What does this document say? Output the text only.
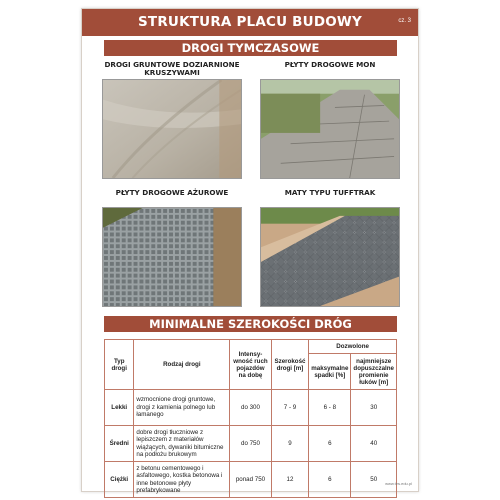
STRUKTURA PLACU BUDOWY	cz. 3
DROGI TYMCZASOWE
DROGI GRUNTOWE DOZIARNIONE KRUSZYWAMI
PŁYTY DROGOWE MON
PŁYTY DROGOWE AŻUROWE	MATY TYPU TUFFTRAK
MINIMALNE SZEROKOŚCI DRÓG
Typ drogi	Rodzaj drogi	Intensy-wność ruch pojazdów na dobę	Szerokość drogi [m]	Dozwolone	
				maksymalne spadki [%]	najmniejsze dopuszczalne promienie łuków [m]
Lekki	wzmocnione drogi gruntowe, drogi z kamienia polnego lub łamanego	do 300	7 - 9	6 - 8	30
Średni	dobre drogi tłuczniowe z lepiszczem z materiałów wiążących, dywaniki bitumiczne na podłożu brukowym	do 750	9	6	40
Ciężki	z betonu cementowego i asfaltowego, kostka betonowa i inne betonowe płyty prefabrykowane	ponad 750	12	6	50
www.tes.edu.pl
